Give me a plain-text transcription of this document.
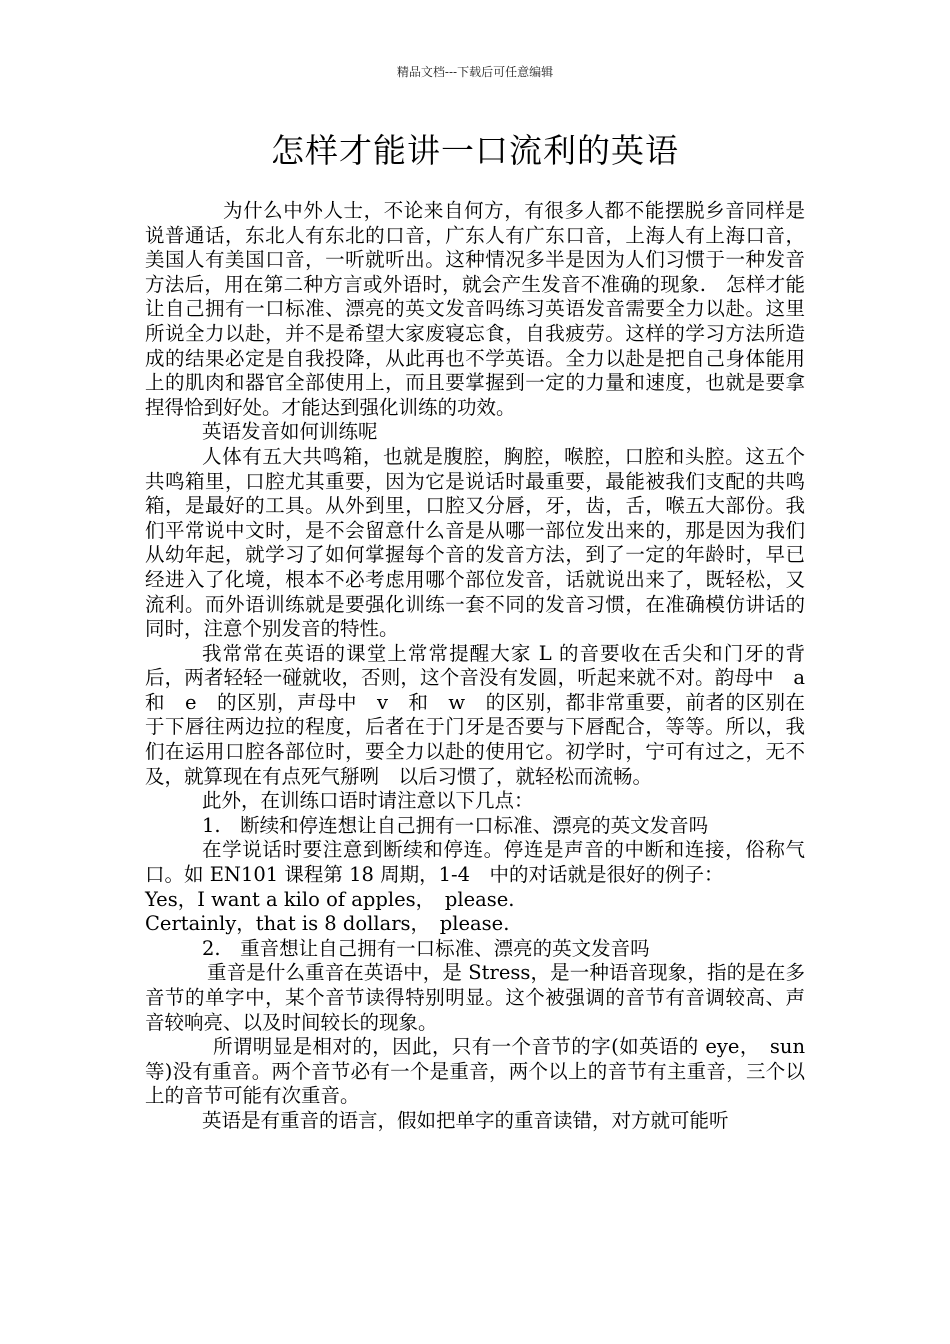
精品文档---下载后可任意编辑
怎样才能讲一口流利的英语

为什么中外人士，不论来自何方，有很多人都不能摆脱乡音同样是说普通话，东北人有东北的口音，广东人有广东口音，上海人有上海口音，美国人有美国口音，一听就听出。这种情况多半是因为人们习惯于一种发音方法后，用在第二种方言或外语时，就会产生发音不准确的现象.　怎样才能让自己拥有一口标准、漂亮的英文发音吗练习英语发音需要全力以赴。这里所说全力以赴，并不是希望大家废寝忘食，自我疲劳。这样的学习方法所造成的结果必定是自我投降，从此再也不学英语。全力以赴是把自己身体能用上的肌肉和器官全部使用上，而且要掌握到一定的力量和速度，也就是要拿捏得恰到好处。才能达到强化训练的功效。

英语发音如何训练呢

人体有五大共鸣箱，也就是腹腔，胸腔，喉腔，口腔和头腔。这五个共鸣箱里，口腔尤其重要，因为它是说话时最重要，最能被我们支配的共鸣箱，是最好的工具。从外到里，口腔又分唇，牙，齿，舌，喉五大部份。我们平常说中文时，是不会留意什么音是从哪一部位发出来的，那是因为我们从幼年起，就学习了如何掌握每个音的发音方法，到了一定的年龄时，早已经进入了化境，根本不必考虑用哪个部位发音，话就说出来了，既轻松，又流利。而外语训练就是要强化训练一套不同的发音习惯，在准确模仿讲话的同时，注意个别发音的特性。

我常常在英语的课堂上常常提醒大家 L 的音要收在舌尖和门牙的背后，两者轻轻一碰就收，否则，这个音没有发圆，听起来就不对。韵母中　a　和　e　的区别，声母中　v　和　w　的区别，都非常重要，前者的区别在于下唇往两边拉的程度，后者在于门牙是否要与下唇配合，等等。所以，我们在运用口腔各部位时，要全力以赴的使用它。初学时，宁可有过之，无不及，就算现在有点死气掰咧　以后习惯了，就轻松而流畅。

此外，在训练口语时请注意以下几点：

1.　断续和停连想让自己拥有一口标准、漂亮的英文发音吗

在学说话时要注意到断续和停连。停连是声音的中断和连接，俗称气口。如 EN101 课程第 18 周期，1-4　中的对话就是很好的例子：

Yes，I want a kilo of apples，　please.

Certainly，that is 8 dollars，　please.

2.　重音想让自己拥有一口标准、漂亮的英文发音吗

重音是什么重音在英语中，是 Stress，是一种语音现象，指的是在多音节的单字中，某个音节读得特别明显。这个被强调的音节有音调较高、声音较响亮、以及时间较长的现象。

所谓明显是相对的，因此，只有一个音节的字(如英语的 eye，　sun 等)没有重音。两个音节必有一个是重音，两个以上的音节有主重音，三个以上的音节可能有次重音。

英语是有重音的语言，假如把单字的重音读错，对方就可能听
